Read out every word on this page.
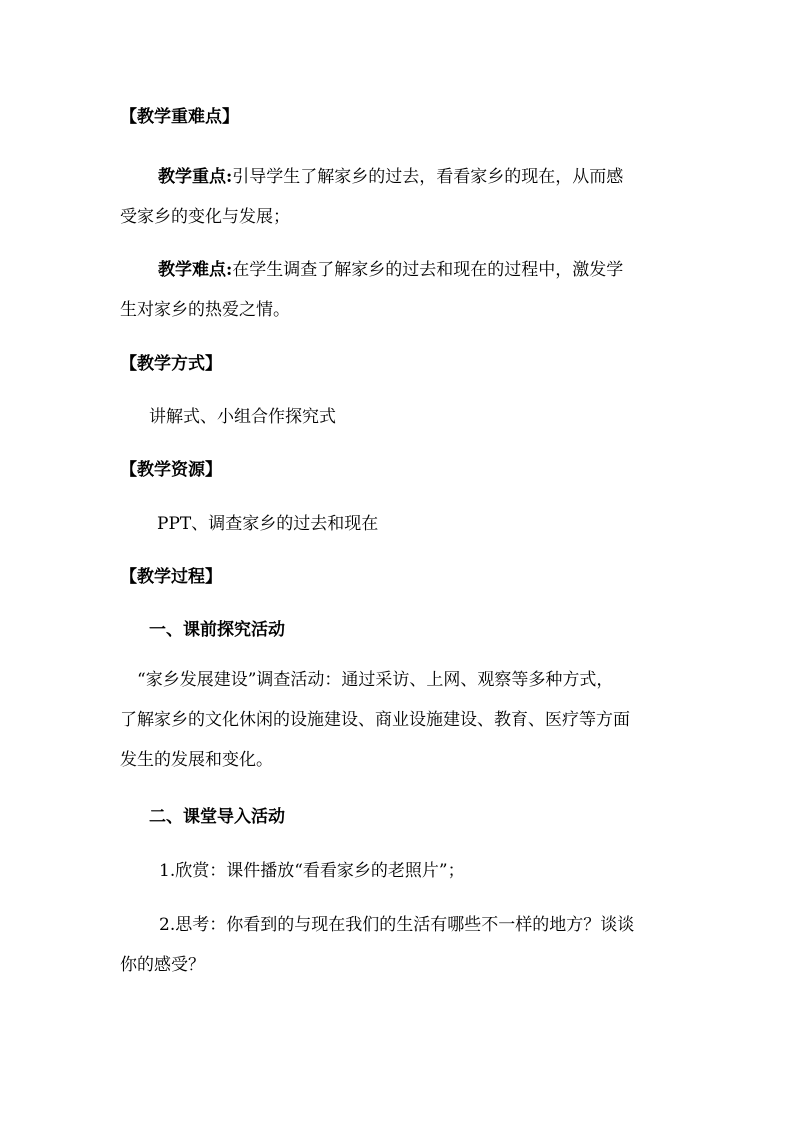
【教学重难点】
教学重点:引导学生了解家乡的过去，看看家乡的现在，从而感
受家乡的变化与发展；
教学难点:在学生调查了解家乡的过去和现在的过程中，激发学
生对家乡的热爱之情。
【教学方式】
讲解式、小组合作探究式
【教学资源】
PPT、调查家乡的过去和现在
【教学过程】
一、课前探究活动
“家乡发展建设”调查活动：通过采访、上网、观察等多种方式，
了解家乡的文化休闲的设施建设、商业设施建设、教育、医疗等方面
发生的发展和变化。
二、课堂导入活动
1.欣赏：课件播放“看看家乡的老照片”；
2.思考：你看到的与现在我们的生活有哪些不一样的地方？谈谈
你的感受？
